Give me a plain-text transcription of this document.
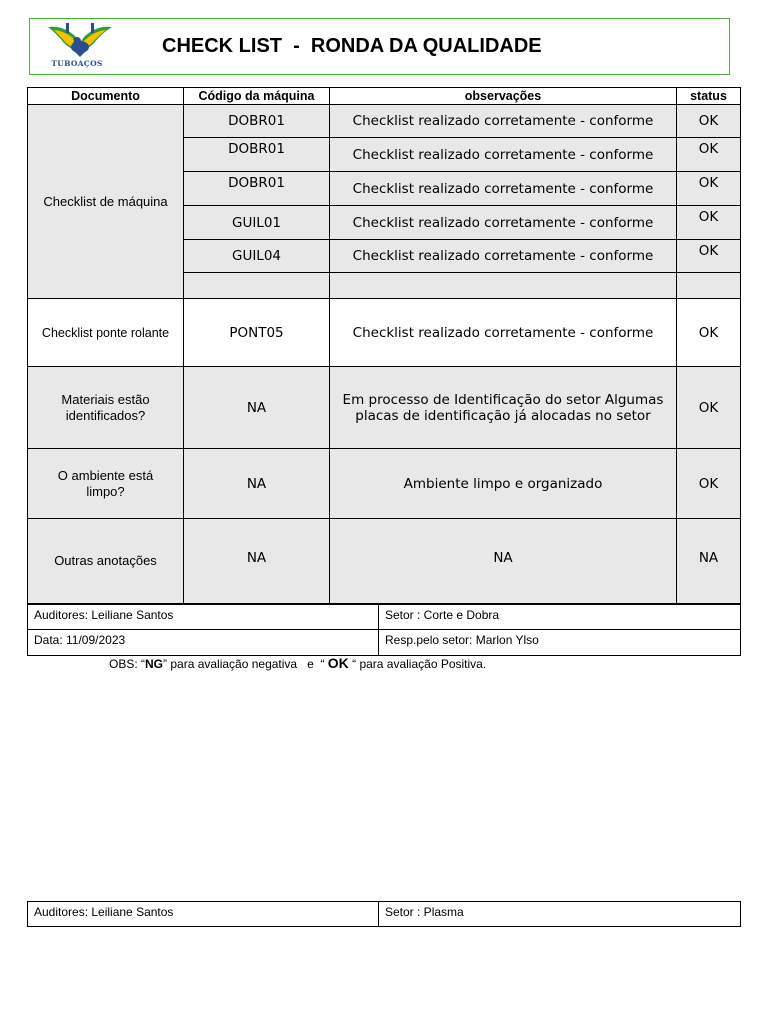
TUBOAÇOS
CHECK LIST  -  RONDA DA QUALIDADE
Documento	Código da máquina	observações	status
Checklist de máquina
DOBR01	Checklist realizado corretamente - conforme	OK
DOBR01	Checklist realizado corretamente - conforme	OK
DOBR01	Checklist realizado corretamente - conforme	OK
GUIL01	Checklist realizado corretamente - conforme	OK
GUIL04	Checklist realizado corretamente - conforme	OK
Checklist ponte rolante	PONT05	Checklist realizado corretamente - conforme	OK
Materiais estão identificados?	NA	Em processo de Identificação do setor Algumas placas de identificação já alocadas no setor	OK
O ambiente está limpo?	NA	Ambiente limpo e organizado	OK
Outras anotações	NA	NA	NA
Auditores: Leiliane Santos	Setor : Corte e Dobra
Data: 11/09/2023	Resp.pelo setor: Marlon Ylso
OBS: “NG” para avaliação negativa   e  “ OK “ para avaliação Positiva.
Auditores: Leiliane Santos	Setor : Plasma
